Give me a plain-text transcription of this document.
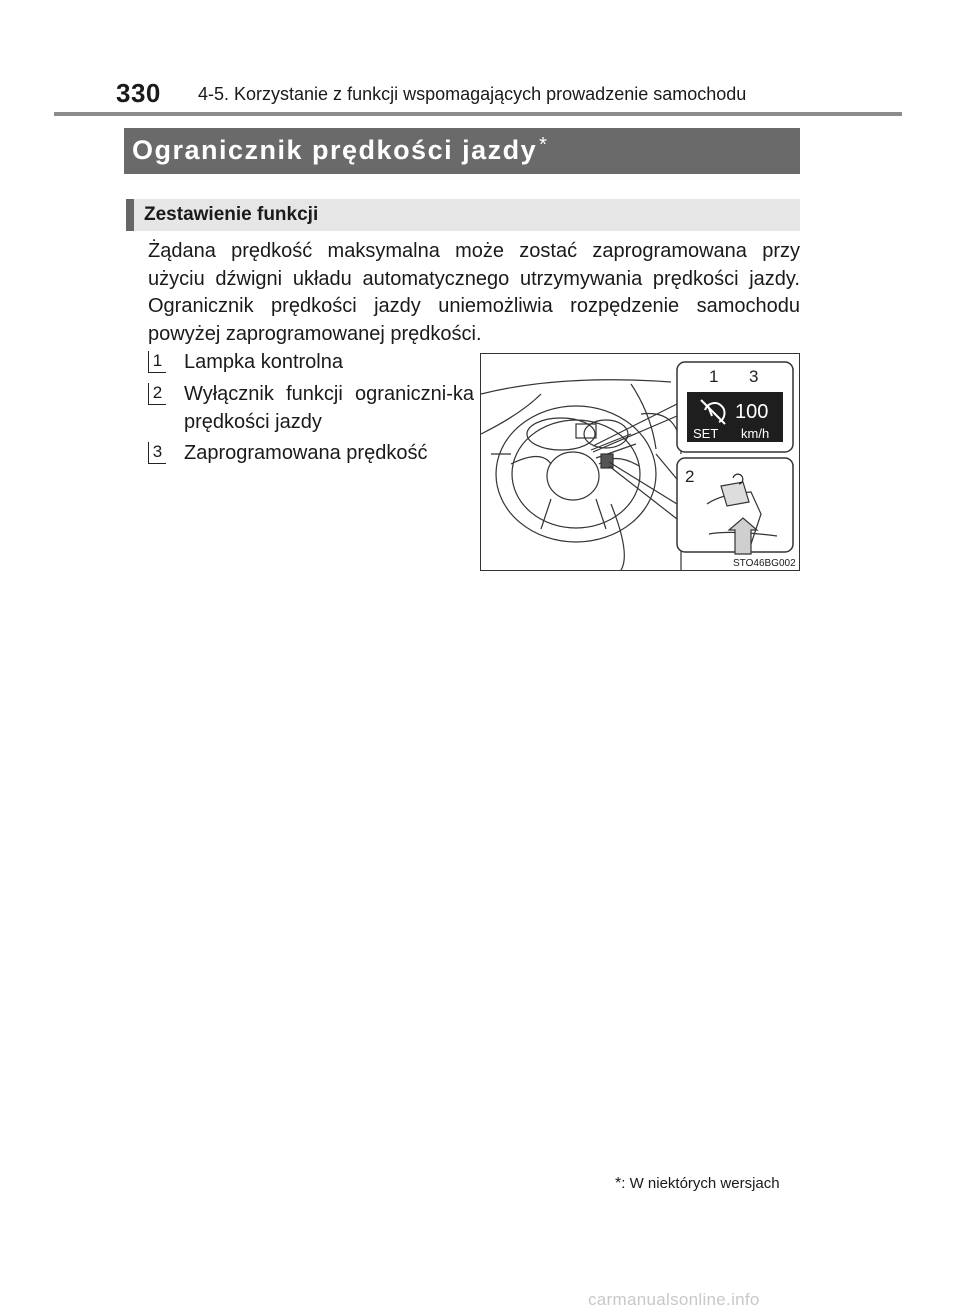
330 4-5. Korzystanie z funkcji wspomagających prowadzenie samochodu
Ogranicznik prędkości jazdy *
Zestawienie funkcji

Żądana prędkość maksymalna może zostać zaprogramowana przy użyciu dźwigni układu automatycznego utrzymywania prędkości jazdy. Ogranicznik prędkości jazdy uniemożliwia rozpędzenie samochodu powyżej zaprogramowanej prędkości.

1 Lampka kontrolna
2 Wyłącznik funkcji ograniczni-ka prędkości jazdy
3 Zaprogramowana prędkość
100
SET km/h
1 3
2
STO46BG002
*: W niektórych wersjach
carmanualsonline.info
